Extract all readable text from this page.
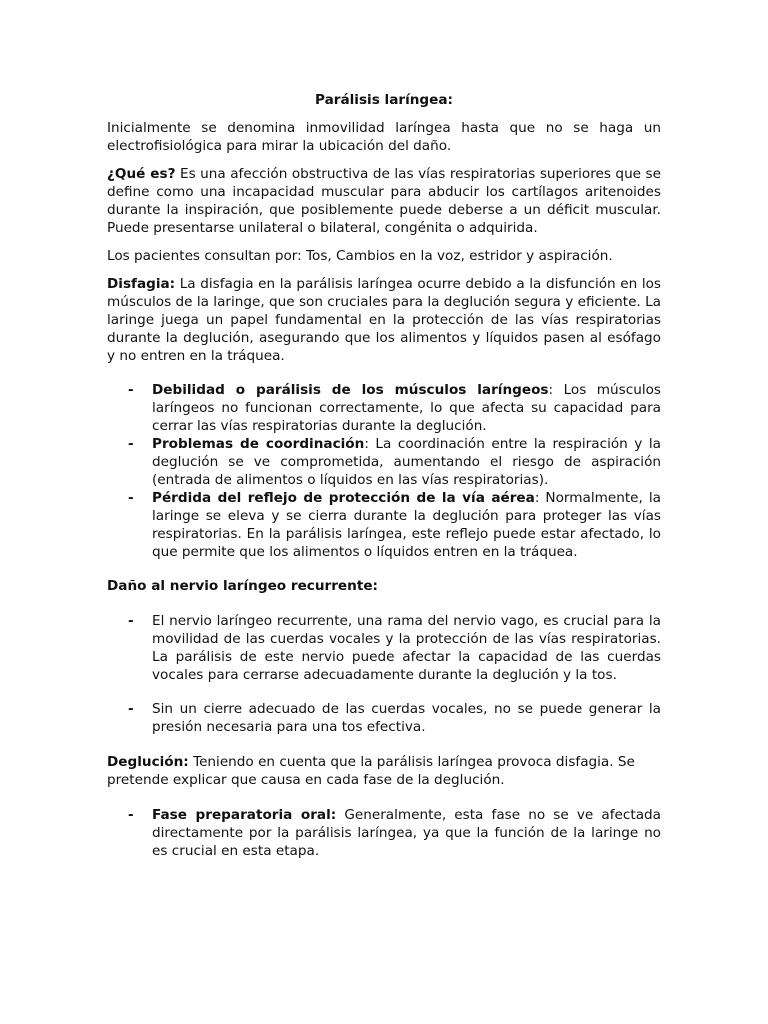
Parálisis laríngea:
Inicialmente se denomina inmovilidad laríngea hasta que no se haga un electrofisiológica para mirar la ubicación del daño.
¿Qué es? Es una afección obstructiva de las vías respiratorias superiores que se define como una incapacidad muscular para abducir los cartílagos aritenoides durante la inspiración, que posiblemente puede deberse a un déficit muscular. Puede presentarse unilateral o bilateral, congénita o adquirida.
Los pacientes consultan por: Tos, Cambios en la voz, estridor y aspiración.
Disfagia: La disfagia en la parálisis laríngea ocurre debido a la disfunción en los músculos de la laringe, que son cruciales para la deglución segura y eficiente. La laringe juega un papel fundamental en la protección de las vías respiratorias durante la deglución, asegurando que los alimentos y líquidos pasen al esófago y no entren en la tráquea.
- Debilidad o parálisis de los músculos laríngeos: Los músculos laríngeos no funcionan correctamente, lo que afecta su capacidad para cerrar las vías respiratorias durante la deglución.
- Problemas de coordinación: La coordinación entre la respiración y la deglución se ve comprometida, aumentando el riesgo de aspiración (entrada de alimentos o líquidos en las vías respiratorias).
- Pérdida del reflejo de protección de la vía aérea: Normalmente, la laringe se eleva y se cierra durante la deglución para proteger las vías respiratorias. En la parálisis laríngea, este reflejo puede estar afectado, lo que permite que los alimentos o líquidos entren en la tráquea.
Daño al nervio laríngeo recurrente:
- El nervio laríngeo recurrente, una rama del nervio vago, es crucial para la movilidad de las cuerdas vocales y la protección de las vías respiratorias. La parálisis de este nervio puede afectar la capacidad de las cuerdas vocales para cerrarse adecuadamente durante la deglución y la tos.
- Sin un cierre adecuado de las cuerdas vocales, no se puede generar la presión necesaria para una tos efectiva.
Deglución: Teniendo en cuenta que la parálisis laríngea provoca disfagia. Se pretende explicar que causa en cada fase de la deglución.
- Fase preparatoria oral: Generalmente, esta fase no se ve afectada directamente por la parálisis laríngea, ya que la función de la laringe no es crucial en esta etapa.
